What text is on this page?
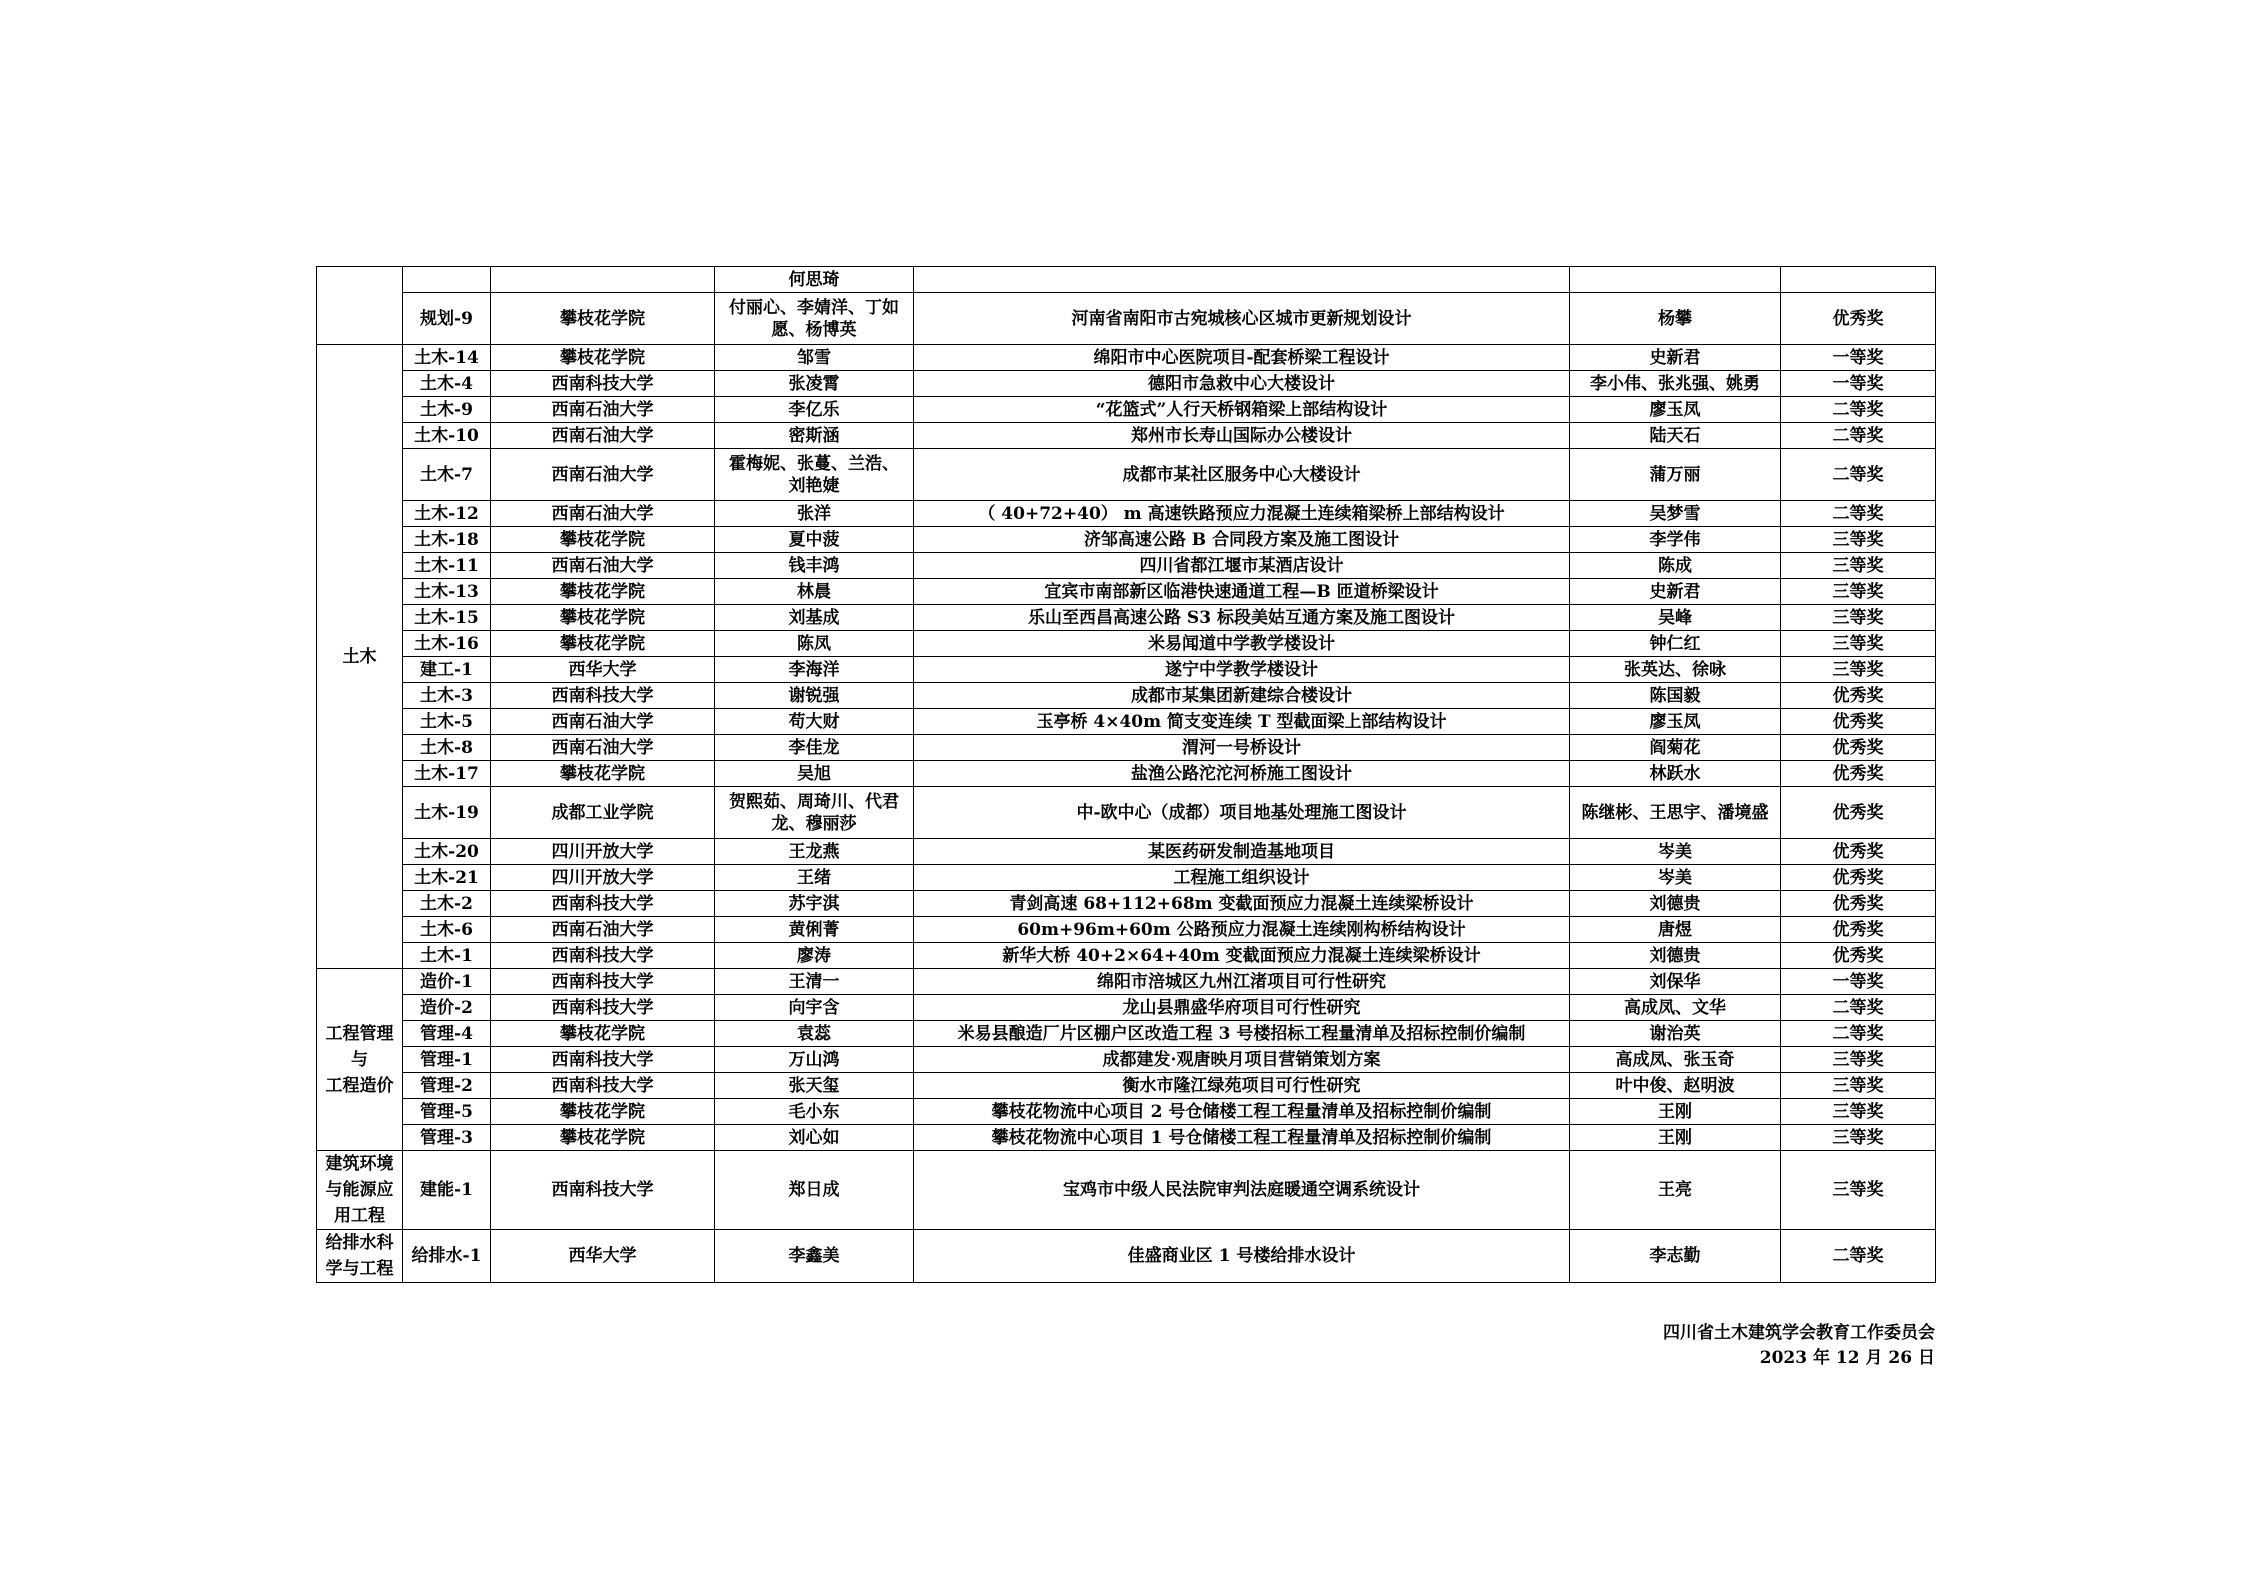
			何思琦			
	规划-9	攀枝花学院	付丽心、李婧洋、丁如愿、杨博英	河南省南阳市古宛城核心区城市更新规划设计	杨攀	优秀奖

土木	土木-14	攀枝花学院	邹雪	绵阳市中心医院项目-配套桥梁工程设计	史新君	一等奖
	土木-4	西南科技大学	张凌霄	德阳市急救中心大楼设计	李小伟、张兆强、姚勇	一等奖
	土木-9	西南石油大学	李亿乐	“花篮式”人行天桥钢箱梁上部结构设计	廖玉凤	二等奖
	土木-10	西南石油大学	密斯涵	郑州市长寿山国际办公楼设计	陆天石	二等奖
	土木-7	西南石油大学	霍梅妮、张蔓、兰浩、刘艳婕	成都市某社区服务中心大楼设计	蒲万丽	二等奖
	土木-12	西南石油大学	张洋	（ 40+72+40） m 高速铁路预应力混凝土连续箱梁桥上部结构设计	吴梦雪	二等奖
	土木-18	攀枝花学院	夏中菠	济邹高速公路 B 合同段方案及施工图设计	李学伟	三等奖
	土木-11	西南石油大学	钱丰鸿	四川省都江堰市某酒店设计	陈成	三等奖
	土木-13	攀枝花学院	林晨	宜宾市南部新区临港快速通道工程—B 匝道桥梁设计	史新君	三等奖
	土木-15	攀枝花学院	刘基成	乐山至西昌高速公路 S3 标段美姑互通方案及施工图设计	吴峰	三等奖
	土木-16	攀枝花学院	陈凤	米易闻道中学教学楼设计	钟仁红	三等奖
	建工-1	西华大学	李海洋	遂宁中学教学楼设计	张英达、徐咏	三等奖
	土木-3	西南科技大学	谢锐强	成都市某集团新建综合楼设计	陈国毅	优秀奖
	土木-5	西南石油大学	苟大财	玉亭桥 4×40m 简支变连续 T 型截面梁上部结构设计	廖玉凤	优秀奖
	土木-8	西南石油大学	李佳龙	渭河一号桥设计	阎菊花	优秀奖
	土木-17	攀枝花学院	吴旭	盐渔公路沱沱河桥施工图设计	林跃水	优秀奖
	土木-19	成都工业学院	贺熙茹、周琦川、代君龙、穆丽莎	中-欧中心（成都）项目地基处理施工图设计	陈继彬、王思宇、潘境盛	优秀奖
	土木-20	四川开放大学	王龙燕	某医药研发制造基地项目	岑美	优秀奖
	土木-21	四川开放大学	王绪	工程施工组织设计	岑美	优秀奖
	土木-2	西南科技大学	苏宇淇	青剑高速 68+112+68m 变截面预应力混凝土连续梁桥设计	刘德贵	优秀奖
	土木-6	西南石油大学	黄俐菁	60m+96m+60m 公路预应力混凝土连续刚构桥结构设计	唐煜	优秀奖
	土木-1	西南科技大学	廖涛	新华大桥 40+2×64+40m 变截面预应力混凝土连续梁桥设计	刘德贵	优秀奖

工程管理
与
工程造价	造价-1	西南科技大学	王清一	绵阳市涪城区九州江渚项目可行性研究	刘保华	一等奖
	造价-2	西南科技大学	向宇含	龙山县鼎盛华府项目可行性研究	高成凤、文华	二等奖
	管理-4	攀枝花学院	袁蕊	米易县酿造厂片区棚户区改造工程 3 号楼招标工程量清单及招标控制价编制	谢治英	二等奖
	管理-1	西南科技大学	万山鸿	成都建发·观唐映月项目营销策划方案	高成凤、张玉奇	三等奖
	管理-2	西南科技大学	张天玺	衡水市隆江绿苑项目可行性研究	叶中俊、赵明波	三等奖
	管理-5	攀枝花学院	毛小东	攀枝花物流中心项目 2 号仓储楼工程工程量清单及招标控制价编制	王刚	三等奖
	管理-3	攀枝花学院	刘心如	攀枝花物流中心项目 1 号仓储楼工程工程量清单及招标控制价编制	王刚	三等奖

建筑环境
与能源应
用工程	建能-1	西南科技大学	郑日成	宝鸡市中级人民法院审判法庭暖通空调系统设计	王亮	三等奖

给排水科
学与工程	给排水-1	西华大学	李鑫美	佳盛商业区 1 号楼给排水设计	李志勤	二等奖
四川省土木建筑学会教育工作委员会
2023 年 12 月 26 日
